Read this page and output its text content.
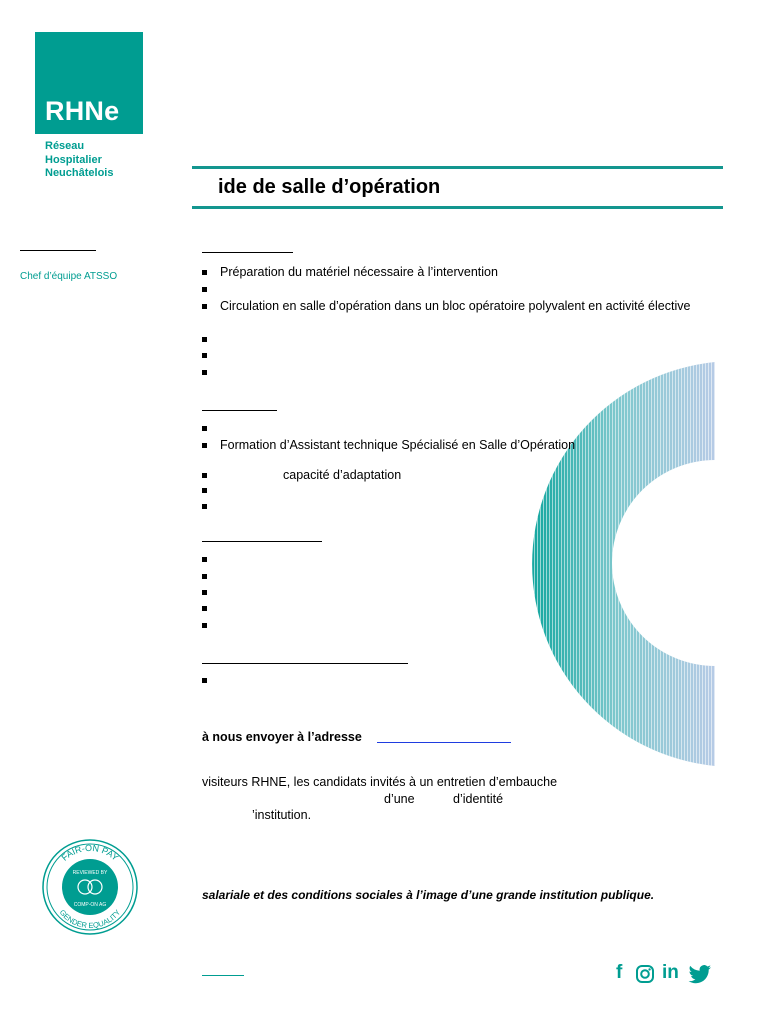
RHNe
Réseau
Hospitalier
Neuchâtelois
ide de salle d’opération
Chef d’équipe ATSSO	Préparation du matériel nécessaire à l’intervention
Circulation en salle d’opération dans un bloc opératoire polyvalent en activité élective
Formation d’Assistant technique Spécialisé en Salle d’Opération
capacité d’adaptation
à nous envoyer à l’adresse
visiteurs RHNE, les candidats invités à un entretien d’embauche
d’une	d’identité
’institution.
FAIR-ON PAY
GENDER EQUALITY
REVIEWED BY
COMP-ON AG
salariale et des conditions sociales à l’image d’une grande institution publique.
f in
